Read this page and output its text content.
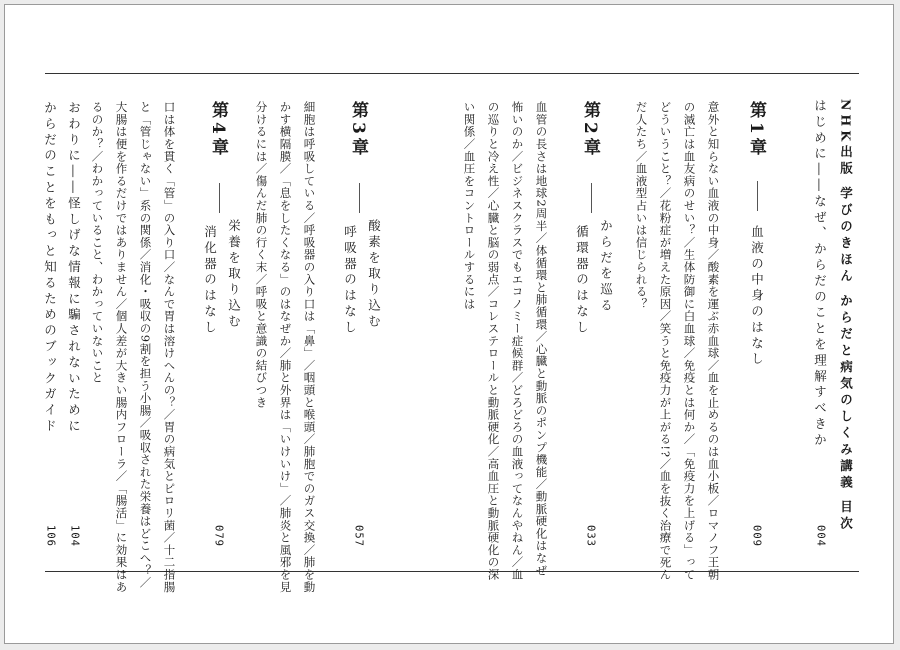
NHK出版 学びのきほん からだと病気のしくみ講義 目次
はじめに――なぜ、からだのことを理解すべきか
004
第1章
血液の中身のはなし
009
意外と知らない血液の中身／酸素を運ぶ赤血球／血を止めるのは血小板／ロマノフ王朝
の滅亡は血友病のせい？／生体防御に白血球／免疫とは何か／「免疫力を上げる」って
どういうこと？／花粉症が増えた原因／笑うと免疫力が上がる!?／血を抜く治療で死ん
だ人たち／血液型占いは信じられる？
第2章
からだを巡る
循環器のはなし
033
血管の長さは地球2周半／体循環と肺循環／心臓と動脈のポンプ機能／動脈硬化はなぜ
怖いのか／ビジネスクラスでもエコノミー症候群／どろどろの血液ってなんやねん／血
の巡りと冷え性／心臓と脳の弱点／コレステロールと動脈硬化／高血圧と動脈硬化の深
い関係／血圧をコントロールするには
第3章
酸素を取り込む
呼吸器のはなし
057
細胞は呼吸している／呼吸器の入り口は「鼻」／咽頭と喉頭／肺胞でのガス交換／肺を動
かす横隔膜／「息をしたくなる」のはなぜか／肺と外界は「いけいけ」／肺炎と風邪を見
分けるには／傷んだ肺の行く末／呼吸と意識の結びつき
第4章
栄養を取り込む
消化器のはなし
079
口は体を貫く「管」の入り口／なんで胃は溶けへんの？／胃の病気とピロリ菌／十二指腸
と「管じゃない」系の関係／消化・吸収の9割を担う小腸／吸収された栄養はどこへ？／
大腸は便を作るだけではありません／個人差が大きい腸内フローラ／「腸活」に効果はあ
るのか？／わかっていること、わかっていないこと
おわりに――怪しげな情報に騙されないために
104
からだのことをもっと知るためのブックガイド
106
